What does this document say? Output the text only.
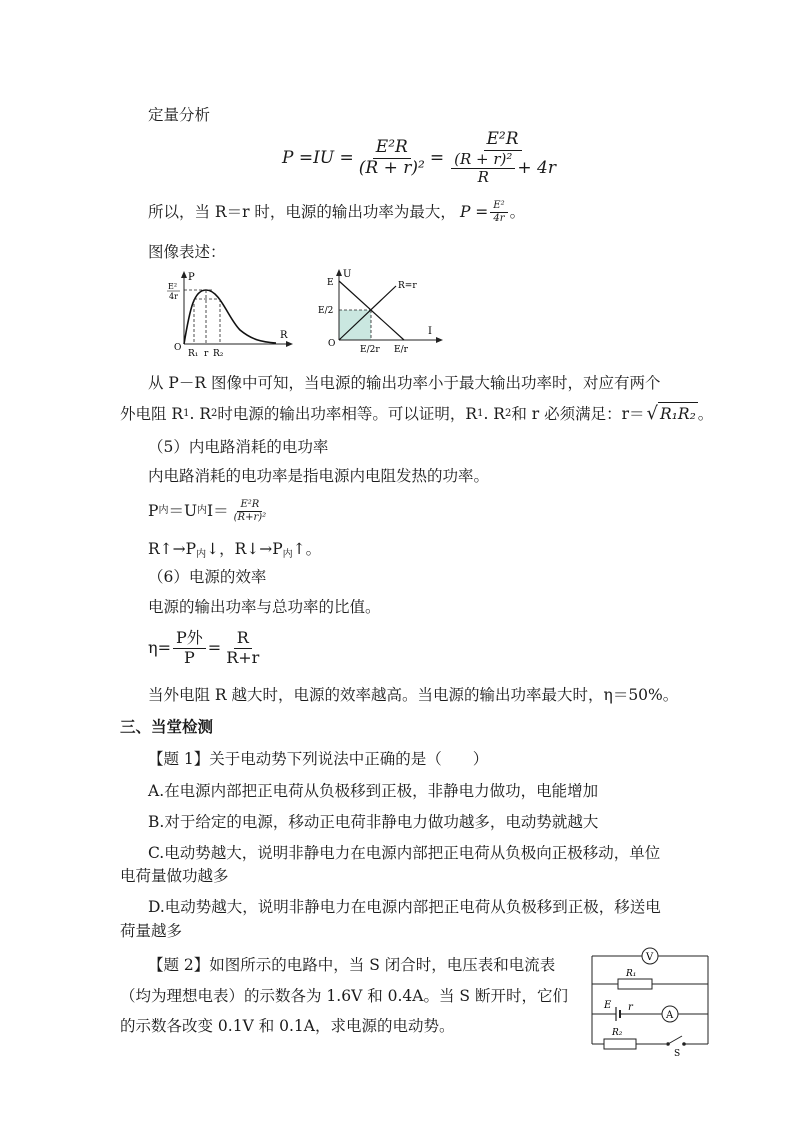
定量分析
$P =IU = \frac{\text{E²R}}{\text{(R + r)²}} = \frac{\text{E²R}}{\frac{\text{(R + r)²}}{R} + 4r}$
所以，当 R＝r 时，电源的输出功率为最大， $P = \frac{\text{E²}}{4r}$ 。
图像表述：
P
R
O
E²
4r
R₁ r R₂
U
I
O
E
E/2
R=r
E/2r E/r
从 P－R 图像中可知，当电源的输出功率小于最大输出功率时，对应有两个
外电阻 R 1 . R 2 时电源的输出功率相等。可以证明，R 1 . R 2 和 r 必须满足：r＝ √ R₁R₂ 。
（5）内电路消耗的电功率
内电路消耗的电功率是指电源内电阻发热的功率。
P 内 ＝U 内 $I= \frac{\text{E²R}}{\text{(R+r)²}}$
$R↑\to P_内↓$，$R↓\to P_内↑$。
（6）电源的效率
电源的输出功率与总功率的比值。
$\eta= \frac{\text{P外}}{P} = \frac{R}{R+r}$
当外电阻 R 越大时，电源的效率越高。当电源的输出功率最大时，η＝50%。
三、当堂检测
【题 1】关于电动势下列说法中正确的是（　　）
A.在电源内部把正电荷从负极移到正极，非静电力做功，电能增加
B.对于给定的电源，移动正电荷非静电力做功越多，电动势就越大
C.电动势越大，说明非静电力在电源内部把正电荷从负极向正极移动，单位
电荷量做功越多
D.电动势越大，说明非静电力在电源内部把正电荷从负极移到正极，移送电
荷量越多
【题 2】如图所示的电路中，当 S 闭合时，电压表和电流表
（均为理想电表）的示数各为 1.6V 和 0.4A。当 S 断开时，它们
的示数各改变 0.1V 和 0.1A，求电源的电动势。
V
R₁
A
E r
R₂
S
